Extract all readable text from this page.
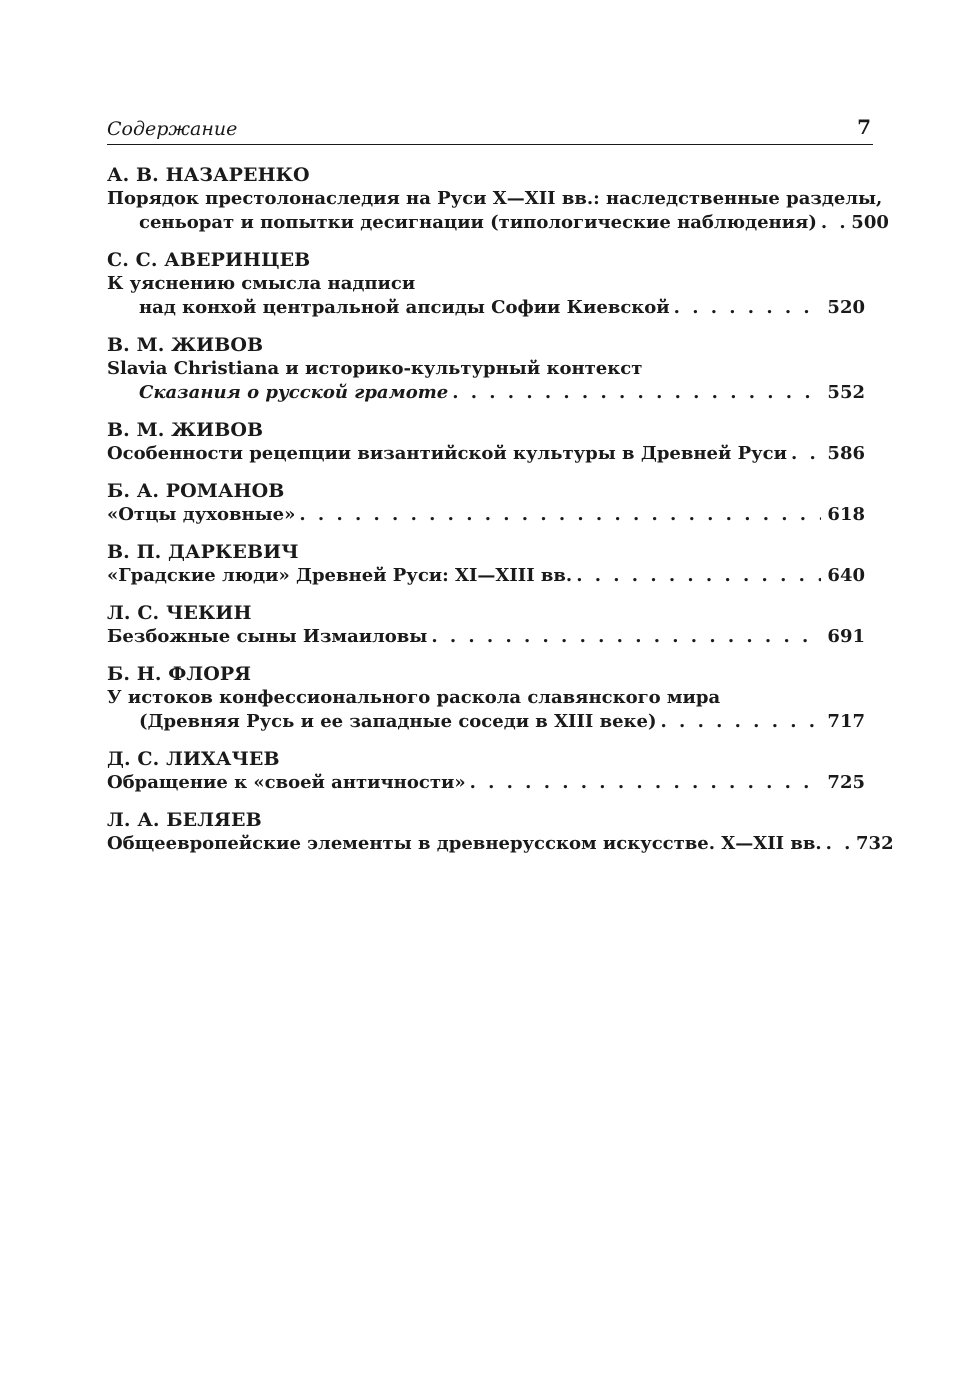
Содержание	7
А. В. НАЗАРЕНКО
Порядок престолонаследия на Руси X—XII вв.: наследственные разделы,
сеньорат и попытки десигнации (типологические наблюдения) . . .	500
С. С. АВЕРИНЦЕВ
К уяснению смысла надписи
над конхой центральной апсиды Софии Киевской . . .	520
В. М. ЖИВОВ
Slavia Christiana и историко-культурный контекст
Сказания о русской грамоте . . .	552
В. М. ЖИВОВ
Особенности рецепции византийской культуры в Древней Руси . . .	586
Б. А. РОМАНОВ
«Отцы духовные» . . .	618
В. П. ДАРКЕВИЧ
«Градские люди» Древней Руси: XI—XIII вв. . . .	640
Л. С. ЧЕКИН
Безбожные сыны Измаиловы . . .	691
Б. Н. ФЛОРЯ
У истоков конфессионального раскола славянского мира
(Древняя Русь и ее западные соседи в XIII веке) . . .	717
Д. С. ЛИХАЧЕВ
Обращение к «своей античности» . . .	725
Л. А. БЕЛЯЕВ
Общеевропейские элементы в древнерусском искусстве. X—XII вв. . . .	732
